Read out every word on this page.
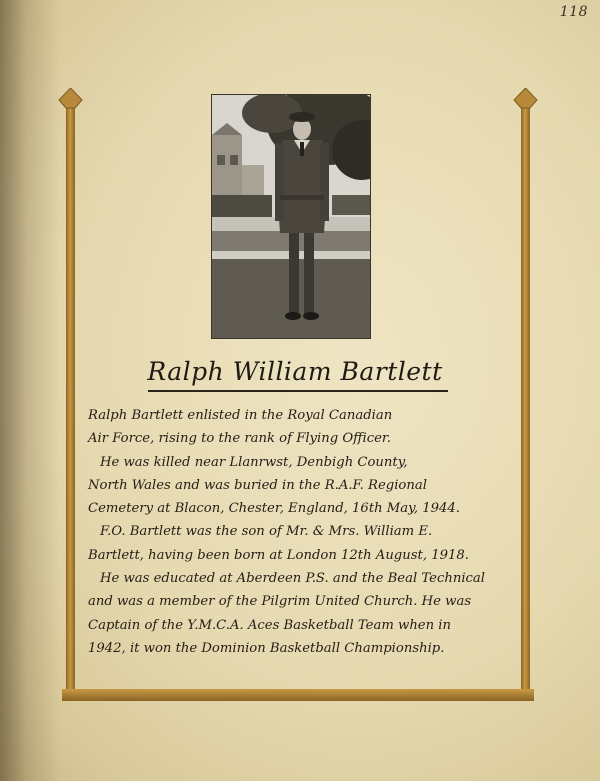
118
Ralph William Bartlett
Ralph Bartlett enlisted in the Royal Canadian
Air Force, rising to the rank of Flying Officer.
He was killed near Llanrwst, Denbigh County,
North Wales and was buried in the R.A.F. Regional
Cemetery at Blacon, Chester, England, 16th May, 1944.
F.O. Bartlett was the son of Mr. & Mrs. William E.
Bartlett, having been born at London 12th August, 1918.
He was educated at Aberdeen P.S. and the Beal Technical
and was a member of the Pilgrim United Church. He was
Captain of the Y.M.C.A. Aces Basketball Team when in
1942, it won the Dominion Basketball Championship.
